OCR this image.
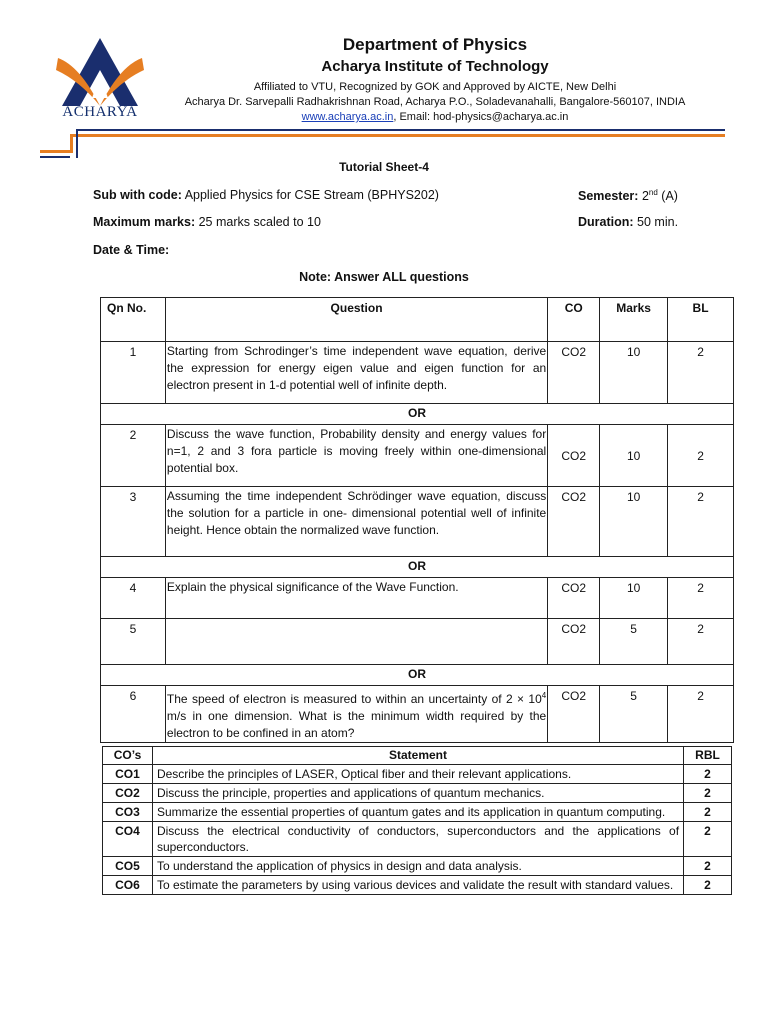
ACHARYA
Department of Physics
Acharya Institute of Technology
Affiliated to VTU, Recognized by GOK and Approved by AICTE, New Delhi
Acharya Dr. Sarvepalli Radhakrishnan Road, Acharya P.O., Soladevanahalli, Bangalore-560107, INDIA
www.acharya.ac.in, Email: hod-physics@acharya.ac.in
Tutorial Sheet-4
Sub with code: Applied Physics for CSE Stream (BPHYS202)	Semester: 2nd (A)
Maximum marks: 25 marks scaled to 10	Duration: 50 min.
Date & Time:
Note: Answer ALL questions
Qn No.	Question	CO	Marks	BL
1	Starting from Schrodinger’s time independent wave equation, derive the expression for energy eigen value and eigen function for an electron present in 1-d potential well of infinite depth.	CO2	10	2
OR				
2	Discuss the wave function, Probability density and energy values for n=1, 2 and 3 fora particle is moving freely within one-dimensional potential box.	CO2	10	2
3	Assuming the time independent Schrödinger wave equation, discuss the solution for a particle in one- dimensional potential well of infinite height. Hence obtain the normalized wave function.	CO2	10	2
OR				
4	Explain the physical significance of the Wave Function.	CO2	10	2
5		CO2	5	2
OR				
6	The speed of electron is measured to within an uncertainty of $2 \times 10^4$ m/s in one dimension. What is the minimum width required by the electron to be confined in an atom?	CO2	5	2
CO’s	Statement	RBL
CO1	Describe the principles of LASER, Optical fiber and their relevant applications.	2
CO2	Discuss the principle, properties and applications of quantum mechanics.	2
CO3	Summarize the essential properties of quantum gates and its application in quantum computing.	2
CO4	Discuss the electrical conductivity of conductors, superconductors and the applications of superconductors.	2
CO5	To understand the application of physics in design and data analysis.	2
CO6	To estimate the parameters by using various devices and validate the result with standard values.	2
